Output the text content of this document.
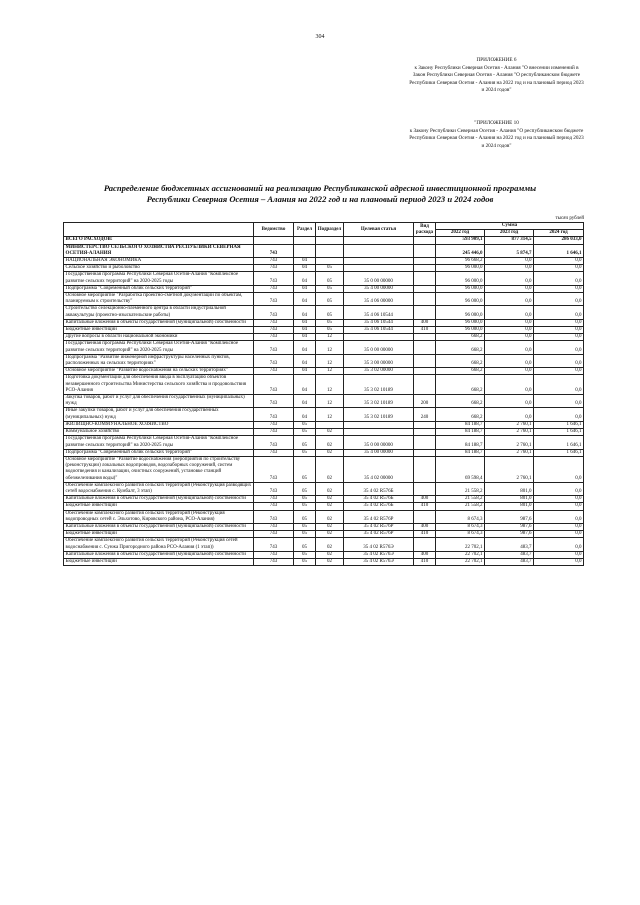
304
ПРИЛОЖЕНИЕ 6
к Закону Республики Северная Осетия - Алания "О внесении изменений в Закон Республики Северная Осетия - Алания "О республиканском бюджете Республики Северная Осетия - Алания на 2022 год и на плановый период 2023 и 2024 годов"
"ПРИЛОЖЕНИЕ 10
к Закону Республики Северная Осетия - Алания "О республиканском бюджете Республики Северная Осетия - Алания на 2022 год и на плановый период 2023 и 2024 годов"
Распределение бюджетных ассигнований на реализацию Республиканской адресной инвестиционной программы Республики Северная Осетия – Алания на 2022 год и на плановый период 2023 и 2024 годов
тысяч рублей
	Ведомство	Раздел	Подраздел	Целевая статья	Вид расхода	Сумма		
						2022 год	2023 год	2024 год
ВСЕГО РАСХОДОВ:						593 909,1	877 314,5	286 033,0
МИНИСТЕРСТВО СЕЛЬСКОГО ХОЗЯЙСТВА РЕСПУБЛИКИ СЕВЕРНАЯ ОСЕТИЯ-АЛАНИЯ	743					245 446,0	5 874,7	1 646,1
НАЦИОНАЛЬНАЯ ЭКОНОМИКА	743	04				96 668,2	0,0	0,0
Сельское хозяйство и рыболовство	743	04	05			96 000,0	0,0	0,0
Государственная программа Республики Северная Осетия-Алания "Комплексное развитие сельских территорий" на 2020-2025 годы	743	04	05	35 0 00 00000		96 000,0	0,0	0,0
Подпрограмма "Современный облик сельских территорий"	743	04	05	35 4 00 00000		96 000,0	0,0	0,0
Основное мероприятие "Разработка проектно-сметной документации по объектам, планируемым к строительству"	743	04	05	35 4 06 00000		96 000,0	0,0	0,0
Строительство селекционно-племенного центра в области индустриальной аквакультуры (проектно-изыскательские работы)	743	04	05	35 4 06 10544		96 000,0	0,0	0,0
Капитальные вложения в объекты государственной (муниципальной) собственности	743	04	05	35 4 06 10544	400	96 000,0	0,0	0,0
Бюджетные инвестиции	743	04	05	35 4 06 10544	410	96 000,0	0,0	0,0
Другие вопросы в области национальной экономики	743	04	12			668,2	0,0	0,0
Государственная программа Республики Северная Осетия-Алания "Комплексное развитие сельских территорий" на 2020-2025 годы	743	04	12	35 0 00 00000		668,2	0,0	0,0
Подпрограмма "Развитие инженерной инфраструктуры населенных пунктов, расположенных на сельских территориях"	743	04	12	35 3 00 00000		668,2	0,0	0,0
Основное мероприятие "Развитие водоснабжения на сельских территориях"	743	04	12	35 3 02 00000		668,2	0,0	0,0
Подготовка документации для обеспечения ввода в эксплуатацию объектов незавершенного строительства Министерства сельского хозяйства и продовольствия РСО-Алания	743	04	12	35 3 02 10189		668,2	0,0	0,0
Закупка товаров, работ и услуг для обеспечения государственных (муниципальных) нужд	743	04	12	35 3 02 10189	200	668,2	0,0	0,0
Иные закупки товаров, работ и услуг для обеспечения государственных (муниципальных) нужд	743	04	12	35 3 02 10189	240	668,2	0,0	0,0
ЖИЛИЩНО-КОММУНАЛЬНОЕ ХОЗЯЙСТВО	743	05				84 188,7	2 760,1	1 646,1
Коммунальное хозяйство	743	05	02			84 188,7	2 760,1	1 646,1
Государственная программа Республики Северная Осетия-Алания "Комплексное развитие сельских территорий" на 2020-2025 годы	743	05	02	35 0 00 00000		84 188,7	2 760,1	1 646,1
Подпрограмма "Современный облик сельских территорий"	743	05	02	35 4 00 00000		84 188,7	2 760,1	1 646,1
Основное мероприятие "Развитие водоснабжения (мероприятия по строительству (реконструкции) локальных водопроводов, водозаборных сооружений, систем водоотведения и канализации, очистных сооружений, установке станций обезжелезивания воды)"	743	05	02	35 4 02 00000		69 598,4	2 760,1	0,0
Обеспечение комплексного развития сельских территорий (Реконструкция разводящих сетей водоснабжения с. Кумбалт, 3 этап)	743	05	02	35 4 02 R576Б		21 558,2	801,0	0,0
Капитальные вложения в объекты государственной (муниципальной) собственности	743	05	02	35 4 02 R576Б	400	21 558,2	801,0	0,0
Бюджетные инвестиции	743	05	02	35 4 02 R576Б	410	21 558,2	801,0	0,0
Обеспечение комплексного развития сельских территорий (Реконструкция водопроводных сетей с. Эльхотово, Кировского района, РСО-Алания)	743	05	02	35 4 02 R576Р		8 674,3	987,6	0,0
Капитальные вложения в объекты государственной (муниципальной) собственности	743	05	02	35 4 02 R576Р	400	8 674,3	987,6	0,0
Бюджетные инвестиции	743	05	02	35 4 02 R576Р	410	8 674,3	987,6	0,0
Обеспечение комплексного развития сельских территорий (Реконструкция сетей водоснабжения с. Сунжа Пригородного района РСО-Алания (1 этап))	743	05	02	35 4 02 R576Э		22 702,1	483,7	0,0
Капитальные вложения в объекты государственной (муниципальной) собственности	743	05	02	35 4 02 R576Э	400	22 702,1	483,7	0,0
Бюджетные инвестиции	743	05	02	35 4 02 R576Э	410	22 702,1	483,7	0,0
